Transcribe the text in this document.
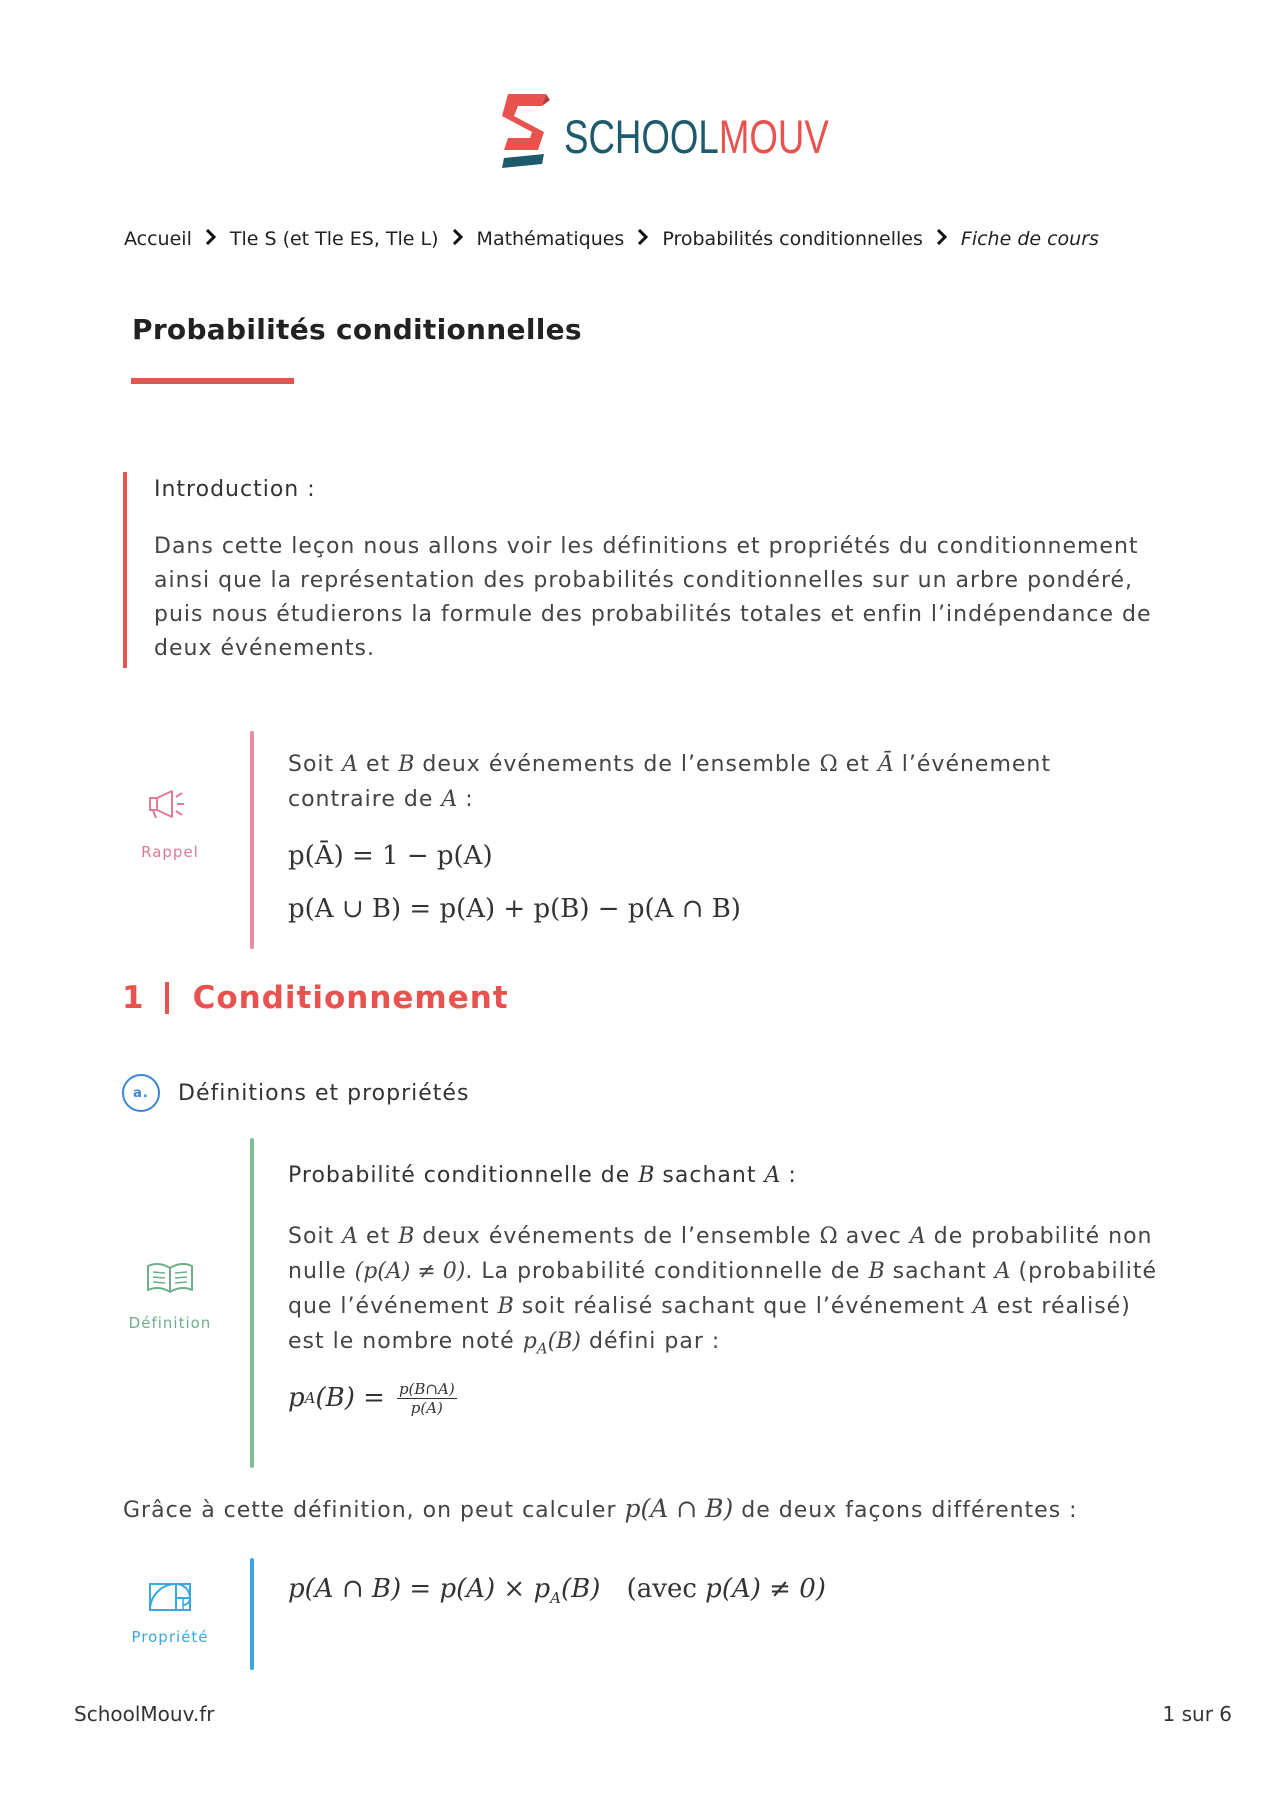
SCHOOLMOUV
Accueil Tle S (et Tle ES, Tle L) Mathématiques Probabilités conditionnelles Fiche de cours
Probabilités conditionnelles
Introduction :
Dans cette leçon nous allons voir les définitions et propriétés du conditionnement ainsi que la représentation des probabilités conditionnelles sur un arbre pondéré, puis nous étudierons la formule des probabilités totales et enfin l’indépendance de deux événements.
Rappel
Soit A et B deux événements de l’ensemble Ω et Ā l’événement
contraire de A :
p(Ā) = 1 − p(A)
p(A ∪ B) = p(A) + p(B) − p(A ∩ B)
1 Conditionnement
a.	Définitions et propriétés
Définition
Probabilité conditionnelle de B sachant A :
Soit A et B deux événements de l’ensemble Ω avec A de probabilité non nulle (p(A) ≠ 0). La probabilité conditionnelle de B sachant A (probabilité que l’événement B soit réalisé sachant que l’événement A est réalisé) est le nombre noté $p_A(B)$ défini par :
p A $(B) = \frac{p(B\cap A)}{p(A)}$

Grâce à cette définition, on peut calculer p(A ∩ B) de deux façons différentes :

Propriété
p(A ∩ $B) = p(A) \times p_A(B)$ (avec p(A) ≠ 0)
SchoolMouv.fr	1 sur 6
